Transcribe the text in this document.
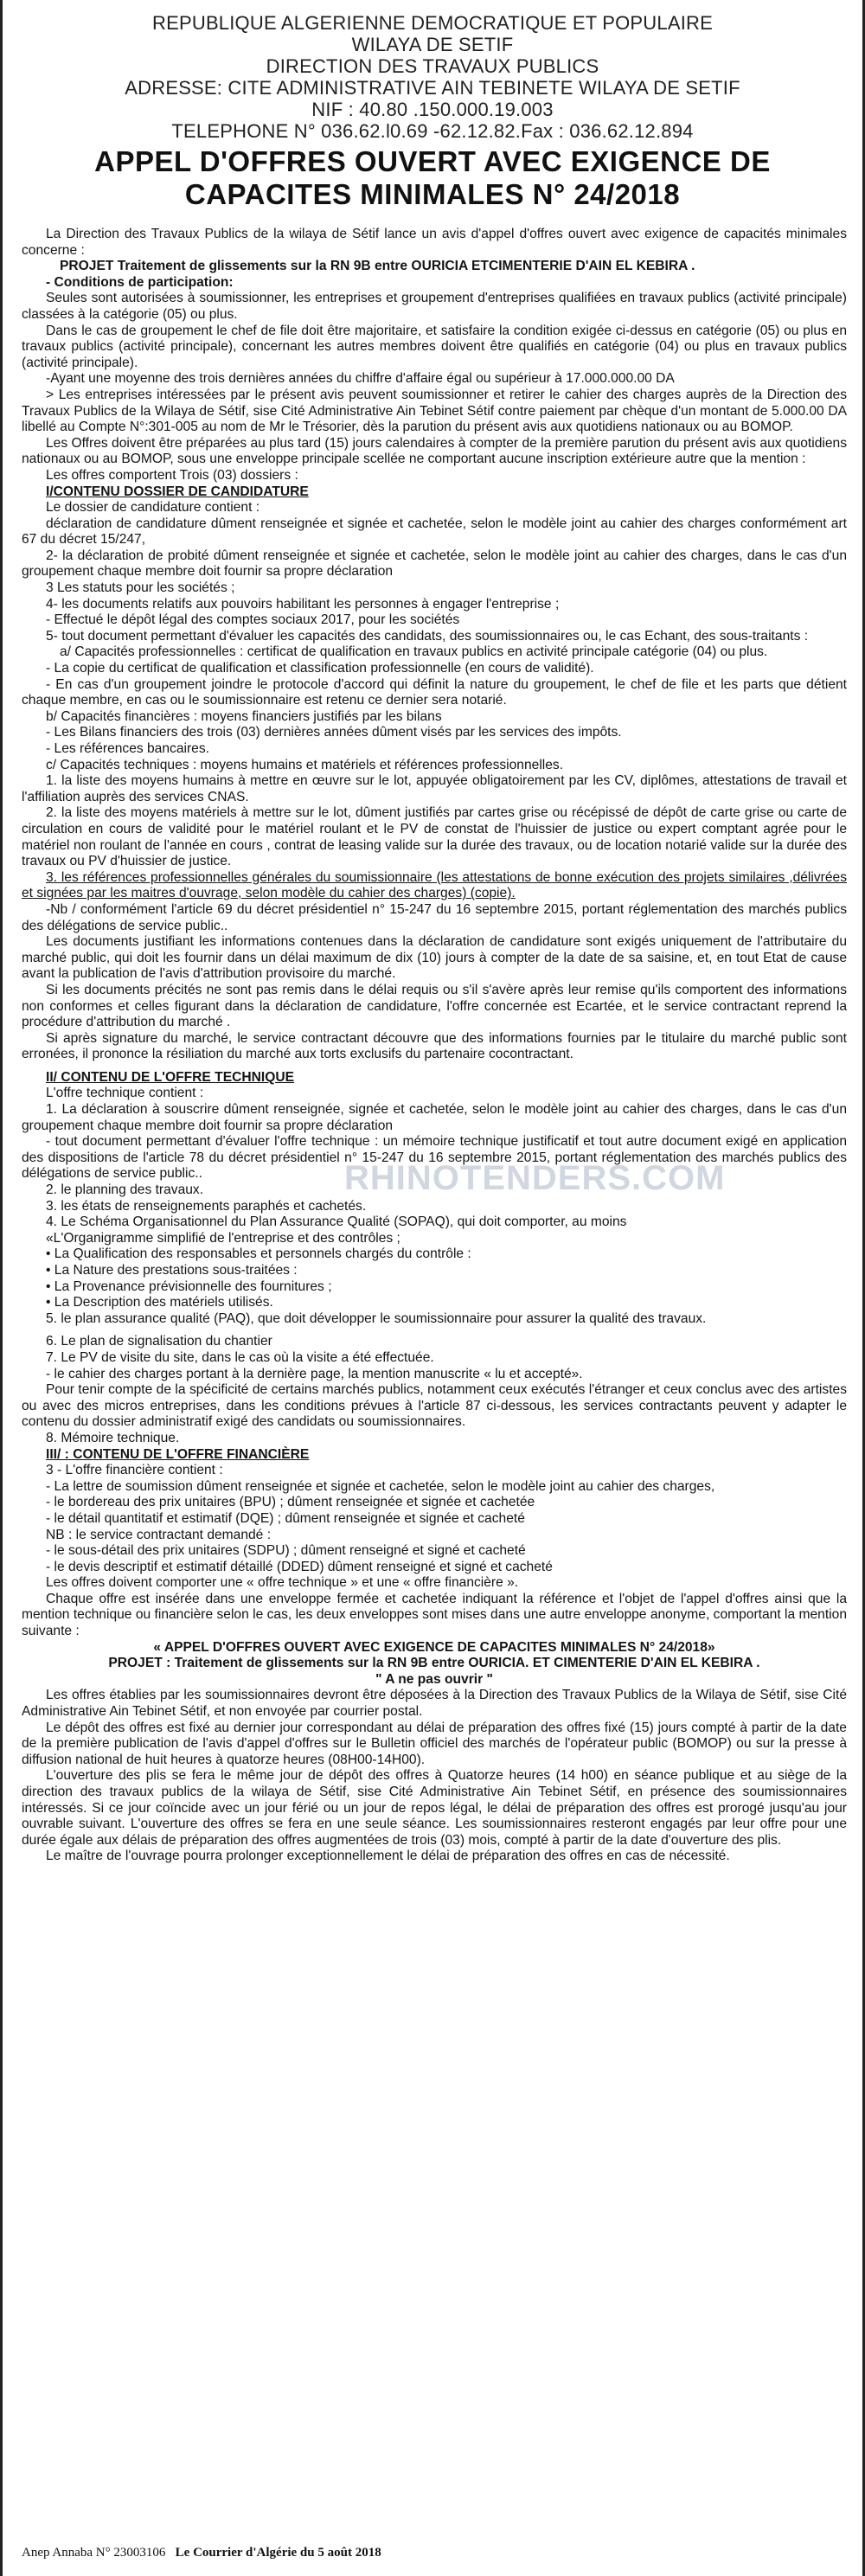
REPUBLIQUE ALGERIENNE DEMOCRATIQUE ET POPULAIRE
WILAYA DE SETIF
DIRECTION DES TRAVAUX PUBLICS
ADRESSE: CITE ADMINISTRATIVE AIN TEBINETE WILAYA DE SETIF
NIF : 40.80 .150.000.19.003
TELEPHONE N° 036.62.l0.69 -62.12.82.Fax : 036.62.12.894
APPEL D'OFFRES OUVERT AVEC EXIGENCE DE CAPACITES MINIMALES N° 24/2018

La Direction des Travaux Publics de la wilaya de Sétif lance un avis d'appel d'offres ouvert avec exigence de capacités minimales concerne :

PROJET Traitement de glissements sur la RN 9B entre OURICIA ETCIMENTERIE D'AIN EL KEBIRA .

- Conditions de participation:

Seules sont autorisées à soumissionner, les entreprises et groupement d'entreprises qualifiées en travaux publics (activité principale) classées à la catégorie (05) ou plus.

Dans le cas de groupement le chef de file doit être majoritaire, et satisfaire la condition exigée ci-dessus en catégorie (05) ou plus en travaux publics (activité principale), concernant les autres membres doivent être qualifiés en catégorie (04) ou plus en travaux publics (activité principale).

-Ayant une moyenne des trois dernières années du chiffre d'affaire égal ou supérieur à 17.000.000.00 DA

> Les entreprises intéressées par le présent avis peuvent soumissionner et retirer le cahier des charges auprès de la Direction des Travaux Publics de la Wilaya de Sétif, sise Cité Administrative Ain Tebinet Sétif contre paiement par chèque d'un montant de 5.000.00 DA libellé au Compte N°:301-005 au nom de Mr le Trésorier, dès la parution du présent avis aux quotidiens nationaux ou au BOMOP.

Les Offres doivent être préparées au plus tard (15) jours calendaires à compter de la première parution du présent avis aux quotidiens nationaux ou au BOMOP, sous une enveloppe principale scellée ne comportant aucune inscription extérieure autre que la mention :

Les offres comportent Trois (03) dossiers :

I/CONTENU DOSSIER DE CANDIDATURE

Le dossier de candidature contient :

déclaration de candidature dûment renseignée et signée et cachetée, selon le modèle joint au cahier des charges conformément art 67 du décret 15/247,

2- la déclaration de probité dûment renseignée et signée et cachetée, selon le modèle joint au cahier des charges, dans le cas d'un groupement chaque membre doit fournir sa propre déclaration

3 Les statuts pour les sociétés ;

4- les documents relatifs aux pouvoirs habilitant les personnes à engager l'entreprise ;

- Effectué le dépôt légal des comptes sociaux 2017, pour les sociétés

5- tout document permettant d'évaluer les capacités des candidats, des soumissionnaires ou, le cas Echant, des sous-traitants :

a/ Capacités professionnelles : certificat de qualification en travaux publics en activité principale catégorie (04) ou plus.

- La copie du certificat de qualification et classification professionnelle (en cours de validité).

- En cas d'un groupement joindre le protocole d'accord qui définit la nature du groupement, le chef de file et les parts que détient chaque membre, en cas ou le soumissionnaire est retenu ce dernier sera notarié.

b/ Capacités financières : moyens financiers justifiés par les bilans

- Les Bilans financiers des trois (03) dernières années dûment visés par les services des impôts.

- Les références bancaires.

c/ Capacités techniques : moyens humains et matériels et références professionnelles.

1. la liste des moyens humains à mettre en œuvre sur le lot, appuyée obligatoirement par les CV, diplômes, attestations de travail et l'affiliation auprès des services CNAS.

2. la liste des moyens matériels à mettre sur le lot, dûment justifiés par cartes grise ou récépissé de dépôt de carte grise ou carte de circulation en cours de validité pour le matériel roulant et le PV de constat de l'huissier de justice ou expert comptant agrée pour le matériel non roulant de l'année en cours , contrat de leasing valide sur la durée des travaux, ou de location notarié valide sur la durée des travaux ou PV d'huissier de justice.

3. les références professionnelles générales du soumissionnaire (les attestations de bonne exécution des projets similaires ,délivrées et signées par les maitres d'ouvrage, selon modèle du cahier des charges) (copie).

-Nb / conformément l'article 69 du décret présidentiel n° 15-247 du 16 septembre 2015, portant réglementation des marchés publics des délégations de service public..

Les documents justifiant les informations contenues dans la déclaration de candidature sont exigés uniquement de l'attributaire du marché public, qui doit les fournir dans un délai maximum de dix (10) jours à compter de la date de sa saisine, et, en tout Etat de cause avant la publication de l'avis d'attribution provisoire du marché.

Si les documents précités ne sont pas remis dans le délai requis ou s'il s'avère après leur remise qu'ils comportent des informations non conformes et celles figurant dans la déclaration de candidature, l'offre concernée est Ecartée, et le service contractant reprend la procédure d'attribution du marché .

Si après signature du marché, le service contractant découvre que des informations fournies par le titulaire du marché public sont erronées, il prononce la résiliation du marché aux torts exclusifs du partenaire cocontractant.

II/ CONTENU DE L'OFFRE TECHNIQUE

L'offre technique contient :

1. La déclaration à souscrire dûment renseignée, signée et cachetée, selon le modèle joint au cahier des charges, dans le cas d'un groupement chaque membre doit fournir sa propre déclaration

- tout document permettant d'évaluer l'offre technique : un mémoire technique justificatif et tout autre document exigé en application des dispositions de l'article 78 du décret présidentiel n° 15-247 du 16 septembre 2015, portant réglementation des marchés publics des délégations de service public..

2. le planning des travaux.

3. les états de renseignements paraphés et cachetés.

4. Le Schéma Organisationnel du Plan Assurance Qualité (SOPAQ), qui doit comporter, au moins

«L'Organigramme simplifié de l'entreprise et des contrôles ;

• La Qualification des responsables et personnels chargés du contrôle :

• La Nature des prestations sous-traitées :

• La Provenance prévisionnelle des fournitures ;

• La Description des matériels utilisés.

5. le plan assurance qualité (PAQ), que doit développer le soumissionnaire pour assurer la qualité des travaux.

6. Le plan de signalisation du chantier

7. Le PV de visite du site, dans le cas où la visite a été effectuée.

- le cahier des charges portant à la dernière page, la mention manuscrite « lu et accepté».

Pour tenir compte de la spécificité de certains marchés publics, notamment ceux exécutés l'étranger et ceux conclus avec des artistes ou avec des micros entreprises, dans les conditions prévues à l'article 87 ci-dessous, les services contractants peuvent y adapter le contenu du dossier administratif exigé des candidats ou soumissionnaires.

8. Mémoire technique.

III/ : CONTENU DE L'OFFRE FINANCIÈRE

3 - L'offre financière contient :

- La lettre de soumission dûment renseignée et signée et cachetée, selon le modèle joint au cahier des charges,

- le bordereau des prix unitaires (BPU) ; dûment renseignée et signée et cachetée

- le détail quantitatif et estimatif (DQE) ; dûment renseignée et signée et cacheté

NB : le service contractant demandé :

- le sous-détail des prix unitaires (SDPU) ; dûment renseigné et signé et cacheté

- le devis descriptif et estimatif détaillé (DDED) dûment renseigné et signé et cacheté

Les offres doivent comporter une « offre technique » et une « offre financière ».

Chaque offre est insérée dans une enveloppe fermée et cachetée indiquant la référence et l'objet de l'appel d'offres ainsi que la mention technique ou financière selon le cas, les deux enveloppes sont mises dans une autre enveloppe anonyme, comportant la mention suivante :

« APPEL D'OFFRES OUVERT AVEC EXIGENCE DE CAPACITES MINIMALES N° 24/2018»

PROJET : Traitement de glissements sur la RN 9B entre OURICIA. ET CIMENTERIE D'AIN EL KEBIRA .

" A ne pas ouvrir "

Les offres établies par les soumissionnaires devront être déposées à la Direction des Travaux Publics de la Wilaya de Sétif, sise Cité Administrative Ain Tebinet Sétif, et non envoyée par courrier postal.

Le dépôt des offres est fixé au dernier jour correspondant au délai de préparation des offres fixé (15) jours compté à partir de la date de la première publication de l'avis d'appel d'offres sur le Bulletin officiel des marchés de l'opérateur public (BOMOP) ou sur la presse à diffusion national de huit heures à quatorze heures (08H00-14H00).

L'ouverture des plis se fera le même jour de dépôt des offres à Quatorze heures (14 h00) en séance publique et au siège de la direction des travaux publics de la wilaya de Sétif, sise Cité Administrative Ain Tebinet Sétif, en présence des soumissionnaires intéressés. Si ce jour coïncide avec un jour férié ou un jour de repos légal, le délai de préparation des offres est prorogé jusqu'au jour ouvrable suivant. L'ouverture des offres se fera en une seule séance. Les soumissionnaires resteront engagés par leur offre pour une durée égale aux délais de préparation des offres augmentées de trois (03) mois, compté à partir de la date d'ouverture des plis.

Le maître de l'ouvrage pourra prolonger exceptionnellement le délai de préparation des offres en cas de nécessité.

RHINOTENDERS.COM
Anep Annaba N° 23003106 Le Courrier d'Algérie du 5 août 2018
